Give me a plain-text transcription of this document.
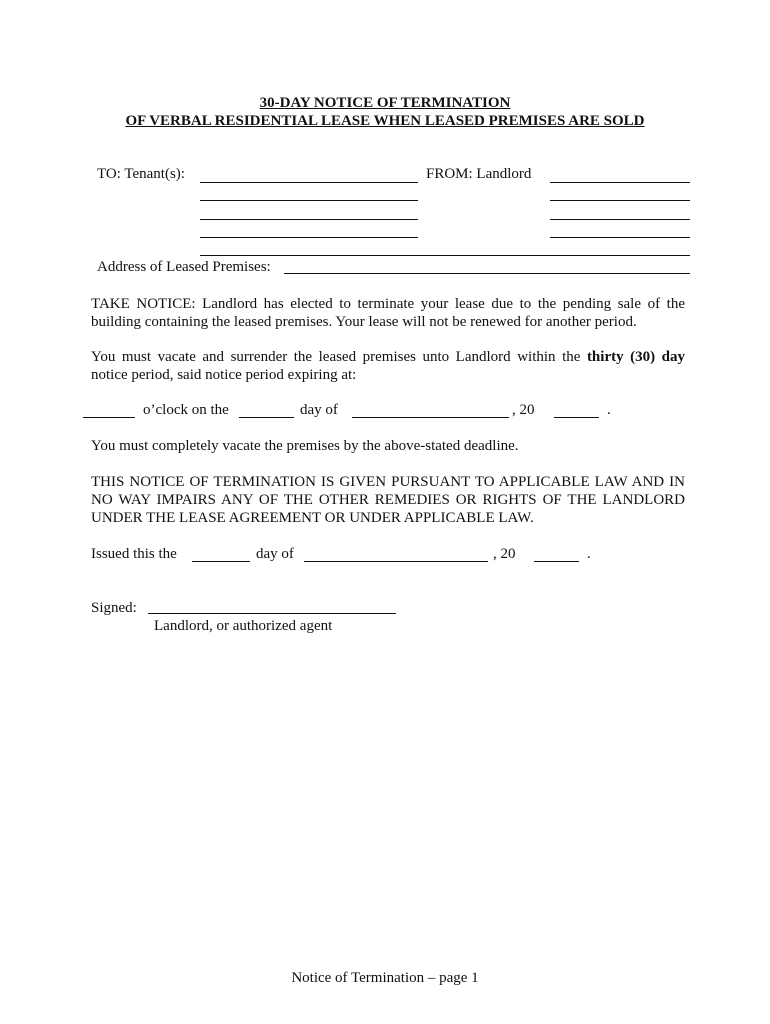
30-DAY NOTICE OF TERMINATION
OF VERBAL RESIDENTIAL LEASE WHEN LEASED PREMISES ARE SOLD
TO: Tenant(s):	FROM: Landlord
Address of Leased Premises:
TAKE NOTICE: Landlord has elected to terminate your lease due to the pending sale of the building containing the leased premises. Your lease will not be renewed for another period.
You must vacate and surrender the leased premises unto Landlord within the thirty (30) day notice period, said notice period expiring at:
o’clock on the	day of	, 20	.
You must completely vacate the premises by the above-stated deadline.
THIS NOTICE OF TERMINATION IS GIVEN PURSUANT TO APPLICABLE LAW AND IN NO WAY IMPAIRS ANY OF THE OTHER REMEDIES OR RIGHTS OF THE LANDLORD UNDER THE LEASE AGREEMENT OR UNDER APPLICABLE LAW.
Issued this the	day of	, 20	.
Signed:
Landlord, or authorized agent
Notice of Termination – page 1
